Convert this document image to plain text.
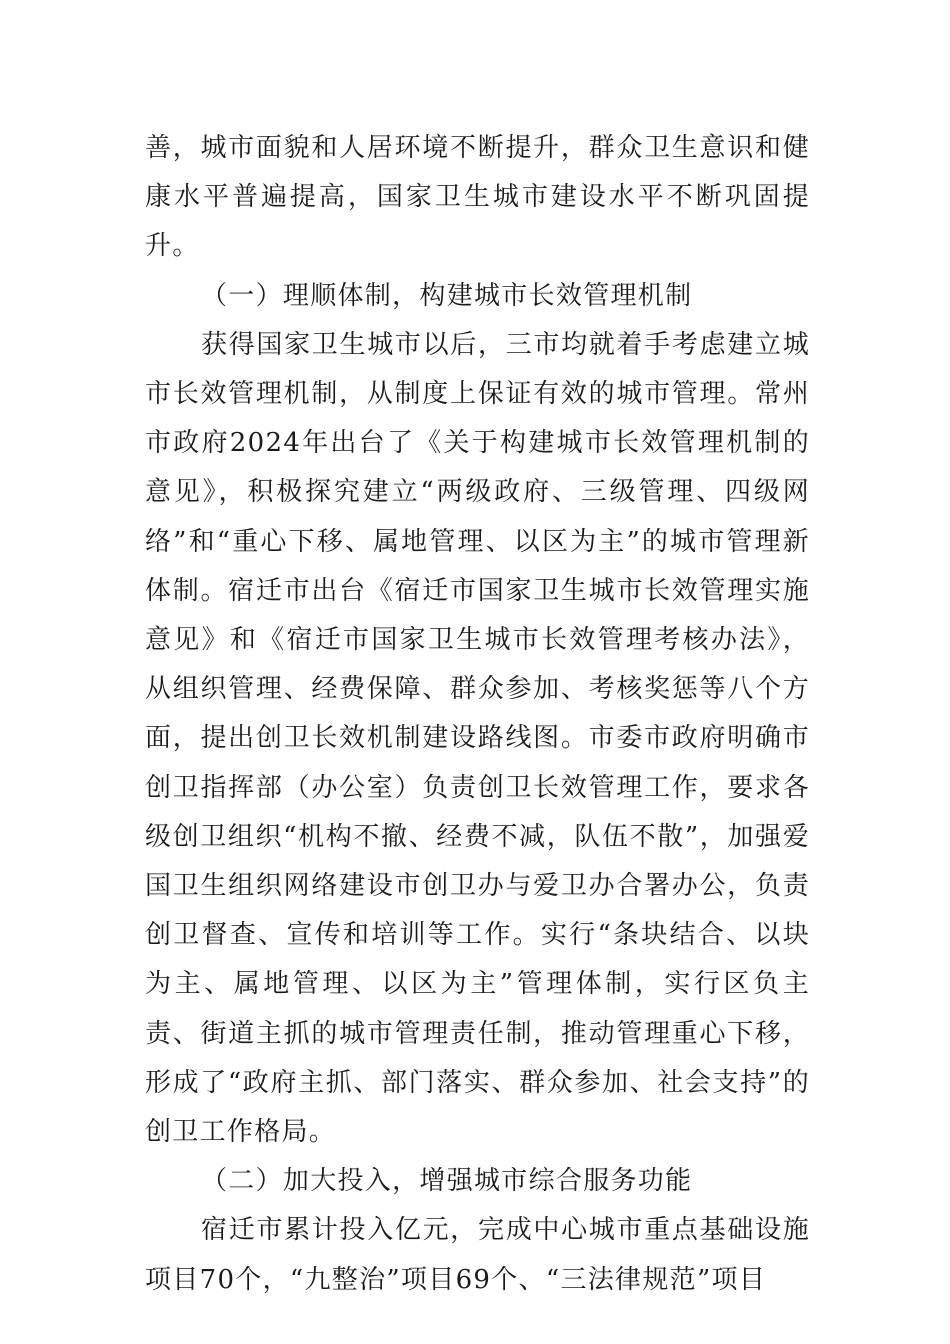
善，城市面貌和人居环境不断提升，群众卫生意识和健康水平普遍提高，国家卫生城市建设水平不断巩固提升。

（一）理顺体制，构建城市长效管理机制

获得国家卫生城市以后，三市均就着手考虑建立城市长效管理机制，从制度上保证有效的城市管理。常州市政府2024年出台了《关于构建城市长效管理机制的意见》，积极探究建立“两级政府、三级管理、四级网络”和“重心下移、属地管理、以区为主”的城市管理新体制。宿迁市出台《宿迁市国家卫生城市长效管理实施意见》和《宿迁市国家卫生城市长效管理考核办法》，从组织管理、经费保障、群众参加、考核奖惩等八个方面，提出创卫长效机制建设路线图。市委市政府明确市创卫指挥部（办公室）负责创卫长效管理工作，要求各级创卫组织“机构不撤、经费不减，队伍不散”，加强爱国卫生组织网络建设市创卫办与爱卫办合署办公，负责创卫督查、宣传和培训等工作。实行“条块结合、以块为主、属地管理、以区为主”管理体制，实行区负主责、街道主抓的城市管理责任制，推动管理重心下移，形成了“政府主抓、部门落实、群众参加、社会支持”的创卫工作格局。

（二）加大投入，增强城市综合服务功能

宿迁市累计投入亿元，完成中心城市重点基础设施项目70个，“九整治”项目69个、“三法律规范”项目
